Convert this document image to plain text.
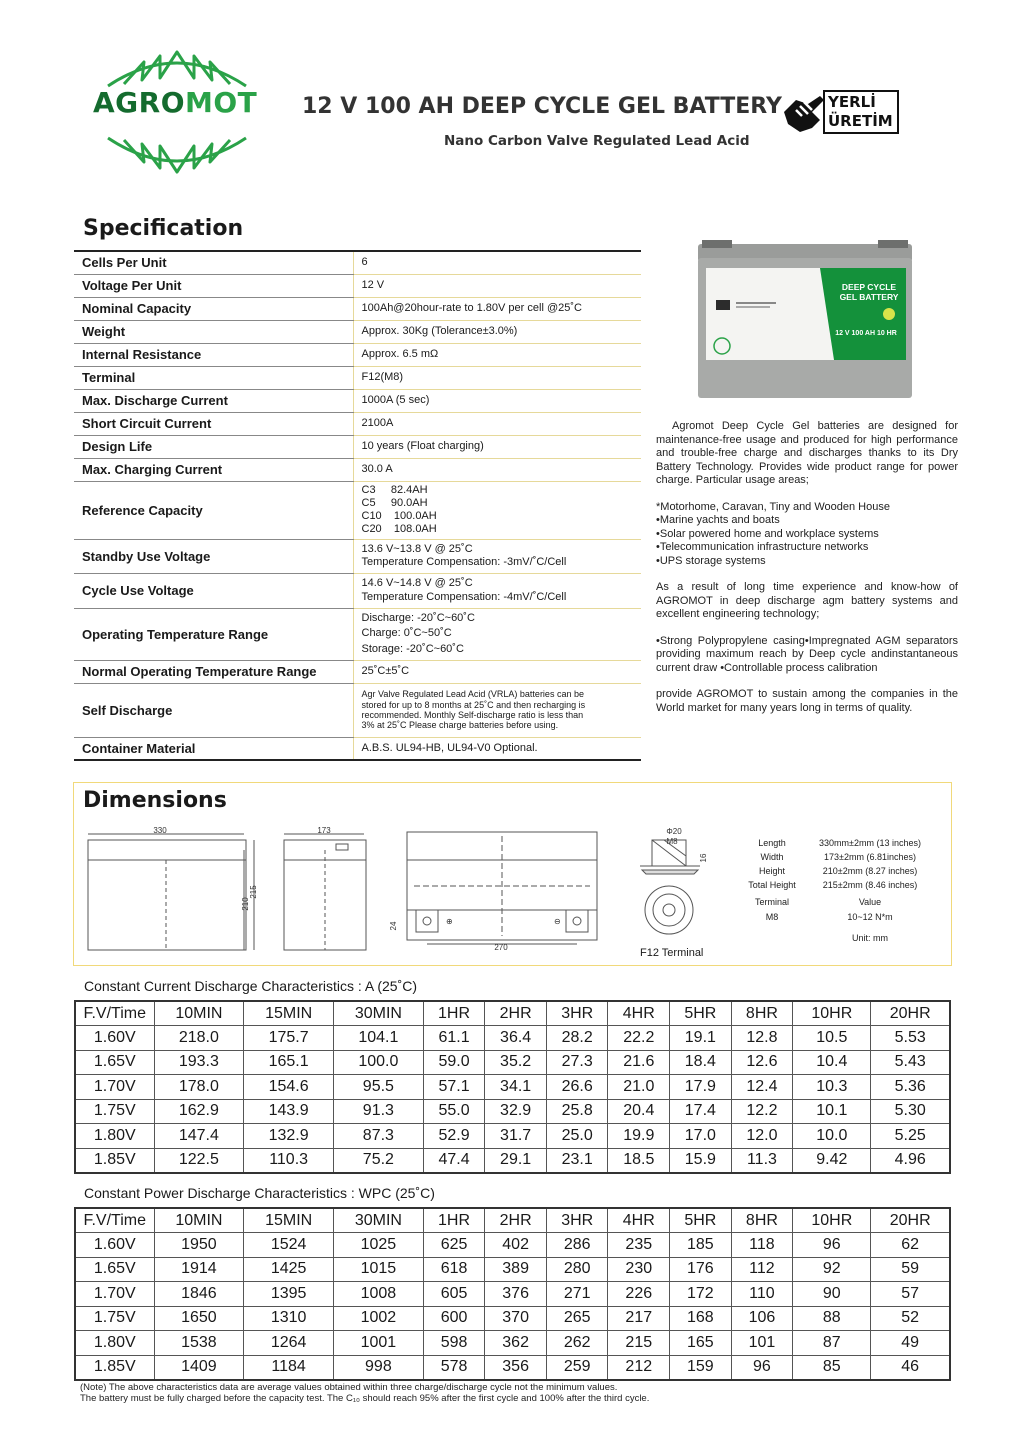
AGROMOT 12 V 100 AH DEEP CYCLE GEL BATTERY
Nano Carbon Valve Regulated Lead Acid
YERLİ
ÜRETİM
Specification
Cells Per Unit	6
Voltage Per Unit	12 V
Nominal Capacity	100Ah@20hour-rate to 1.80V per cell @25˚C
Weight	Approx. 30Kg (Tolerance±3.0%)
Internal Resistance	Approx. 6.5 mΩ
Terminal	F12(M8)
Max. Discharge Current	1000A (5 sec)
Short Circuit Current	2100A
Design Life	10 years (Float charging)
Max. Charging Current	30.0 A
Reference Capacity	C3     82.4AH
C5     90.0AH
C10    100.0AH
C20    108.0AH
Standby Use Voltage	13.6 V~13.8 V @ 25˚C
Temperature Compensation: -3mV/˚C/Cell
Cycle Use Voltage	14.6 V~14.8 V @ 25˚C
Temperature Compensation: -4mV/˚C/Cell
Operating Temperature Range	Discharge: -20˚C~60˚C
Charge: 0˚C~50˚C
Storage: -20˚C~60˚C
Normal Operating Temperature Range	25˚C±5˚C
Self Discharge	Agr Valve Regulated Lead Acid (VRLA) batteries can be
stored for up to 8 months at 25˚C and then recharging is
recommended. Monthly Self-discharge ratio is less than
3% at 25˚C Please charge batteries before using.
Container Material	A.B.S. UL94-HB, UL94-V0 Optional.
DEEP CYCLE
GEL BATTERY
12 V 100 AH 10 HR

Agromot Deep Cycle Gel batteries are designed for maintenance-free usage and produced for high performance and trouble-free charge and discharges thanks to its Dry Battery Technology. Provides wide product range for power charge. Particular usage areas;

*Motorhome, Caravan, Tiny and Wooden House
•Marine yachts and boats
•Solar powered home and workplace systems
•Telecommunication infrastructure networks
•UPS storage systems

As a result of long time experience and know-how of AGROMOT in deep discharge agm battery systems and excellent engineering technology;

•Strong Polypropylene casing•Impregnated AGM separators providing maximum reach by Deep cycle andinstantaneous current draw •Controllable process calibration

provide AGROMOT to sustain among the companies in the World market for many years long in terms of quality.

Dimensions
330
210
215
173
⊕	⊖
270
24
Φ20
M8
16
F12 Terminal
Length	330mm±2mm (13 inches)
Width	173±2mm (6.81inches)
Height	210±2mm (8.27 inches)
Total Height	215±2mm (8.46 inches)
Terminal	Value
M8	10~12 N*m
Unit: mm
Constant Current Discharge Characteristics : A (25˚C)
F.V/Time	10MIN	15MIN	30MIN	1HR	2HR	3HR	4HR	5HR	8HR	10HR	20HR
1.60V	218.0	175.7	104.1	61.1	36.4	28.2	22.2	19.1	12.8	10.5	5.53
1.65V	193.3	165.1	100.0	59.0	35.2	27.3	21.6	18.4	12.6	10.4	5.43
1.70V	178.0	154.6	95.5	57.1	34.1	26.6	21.0	17.9	12.4	10.3	5.36
1.75V	162.9	143.9	91.3	55.0	32.9	25.8	20.4	17.4	12.2	10.1	5.30
1.80V	147.4	132.9	87.3	52.9	31.7	25.0	19.9	17.0	12.0	10.0	5.25
1.85V	122.5	110.3	75.2	47.4	29.1	23.1	18.5	15.9	11.3	9.42	4.96
Constant Power Discharge Characteristics : WPC (25˚C)
F.V/Time	10MIN	15MIN	30MIN	1HR	2HR	3HR	4HR	5HR	8HR	10HR	20HR
1.60V	1950	1524	1025	625	402	286	235	185	118	96	62
1.65V	1914	1425	1015	618	389	280	230	176	112	92	59
1.70V	1846	1395	1008	605	376	271	226	172	110	90	57
1.75V	1650	1310	1002	600	370	265	217	168	106	88	52
1.80V	1538	1264	1001	598	362	262	215	165	101	87	49
1.85V	1409	1184	998	578	356	259	212	159	96	85	46
(Note) The above characteristics data are average values obtained within three charge/discharge cycle not the minimum values.
The battery must be fully charged before the capacity test. The C₁₀ should reach 95% after the first cycle and 100% after the third cycle.
